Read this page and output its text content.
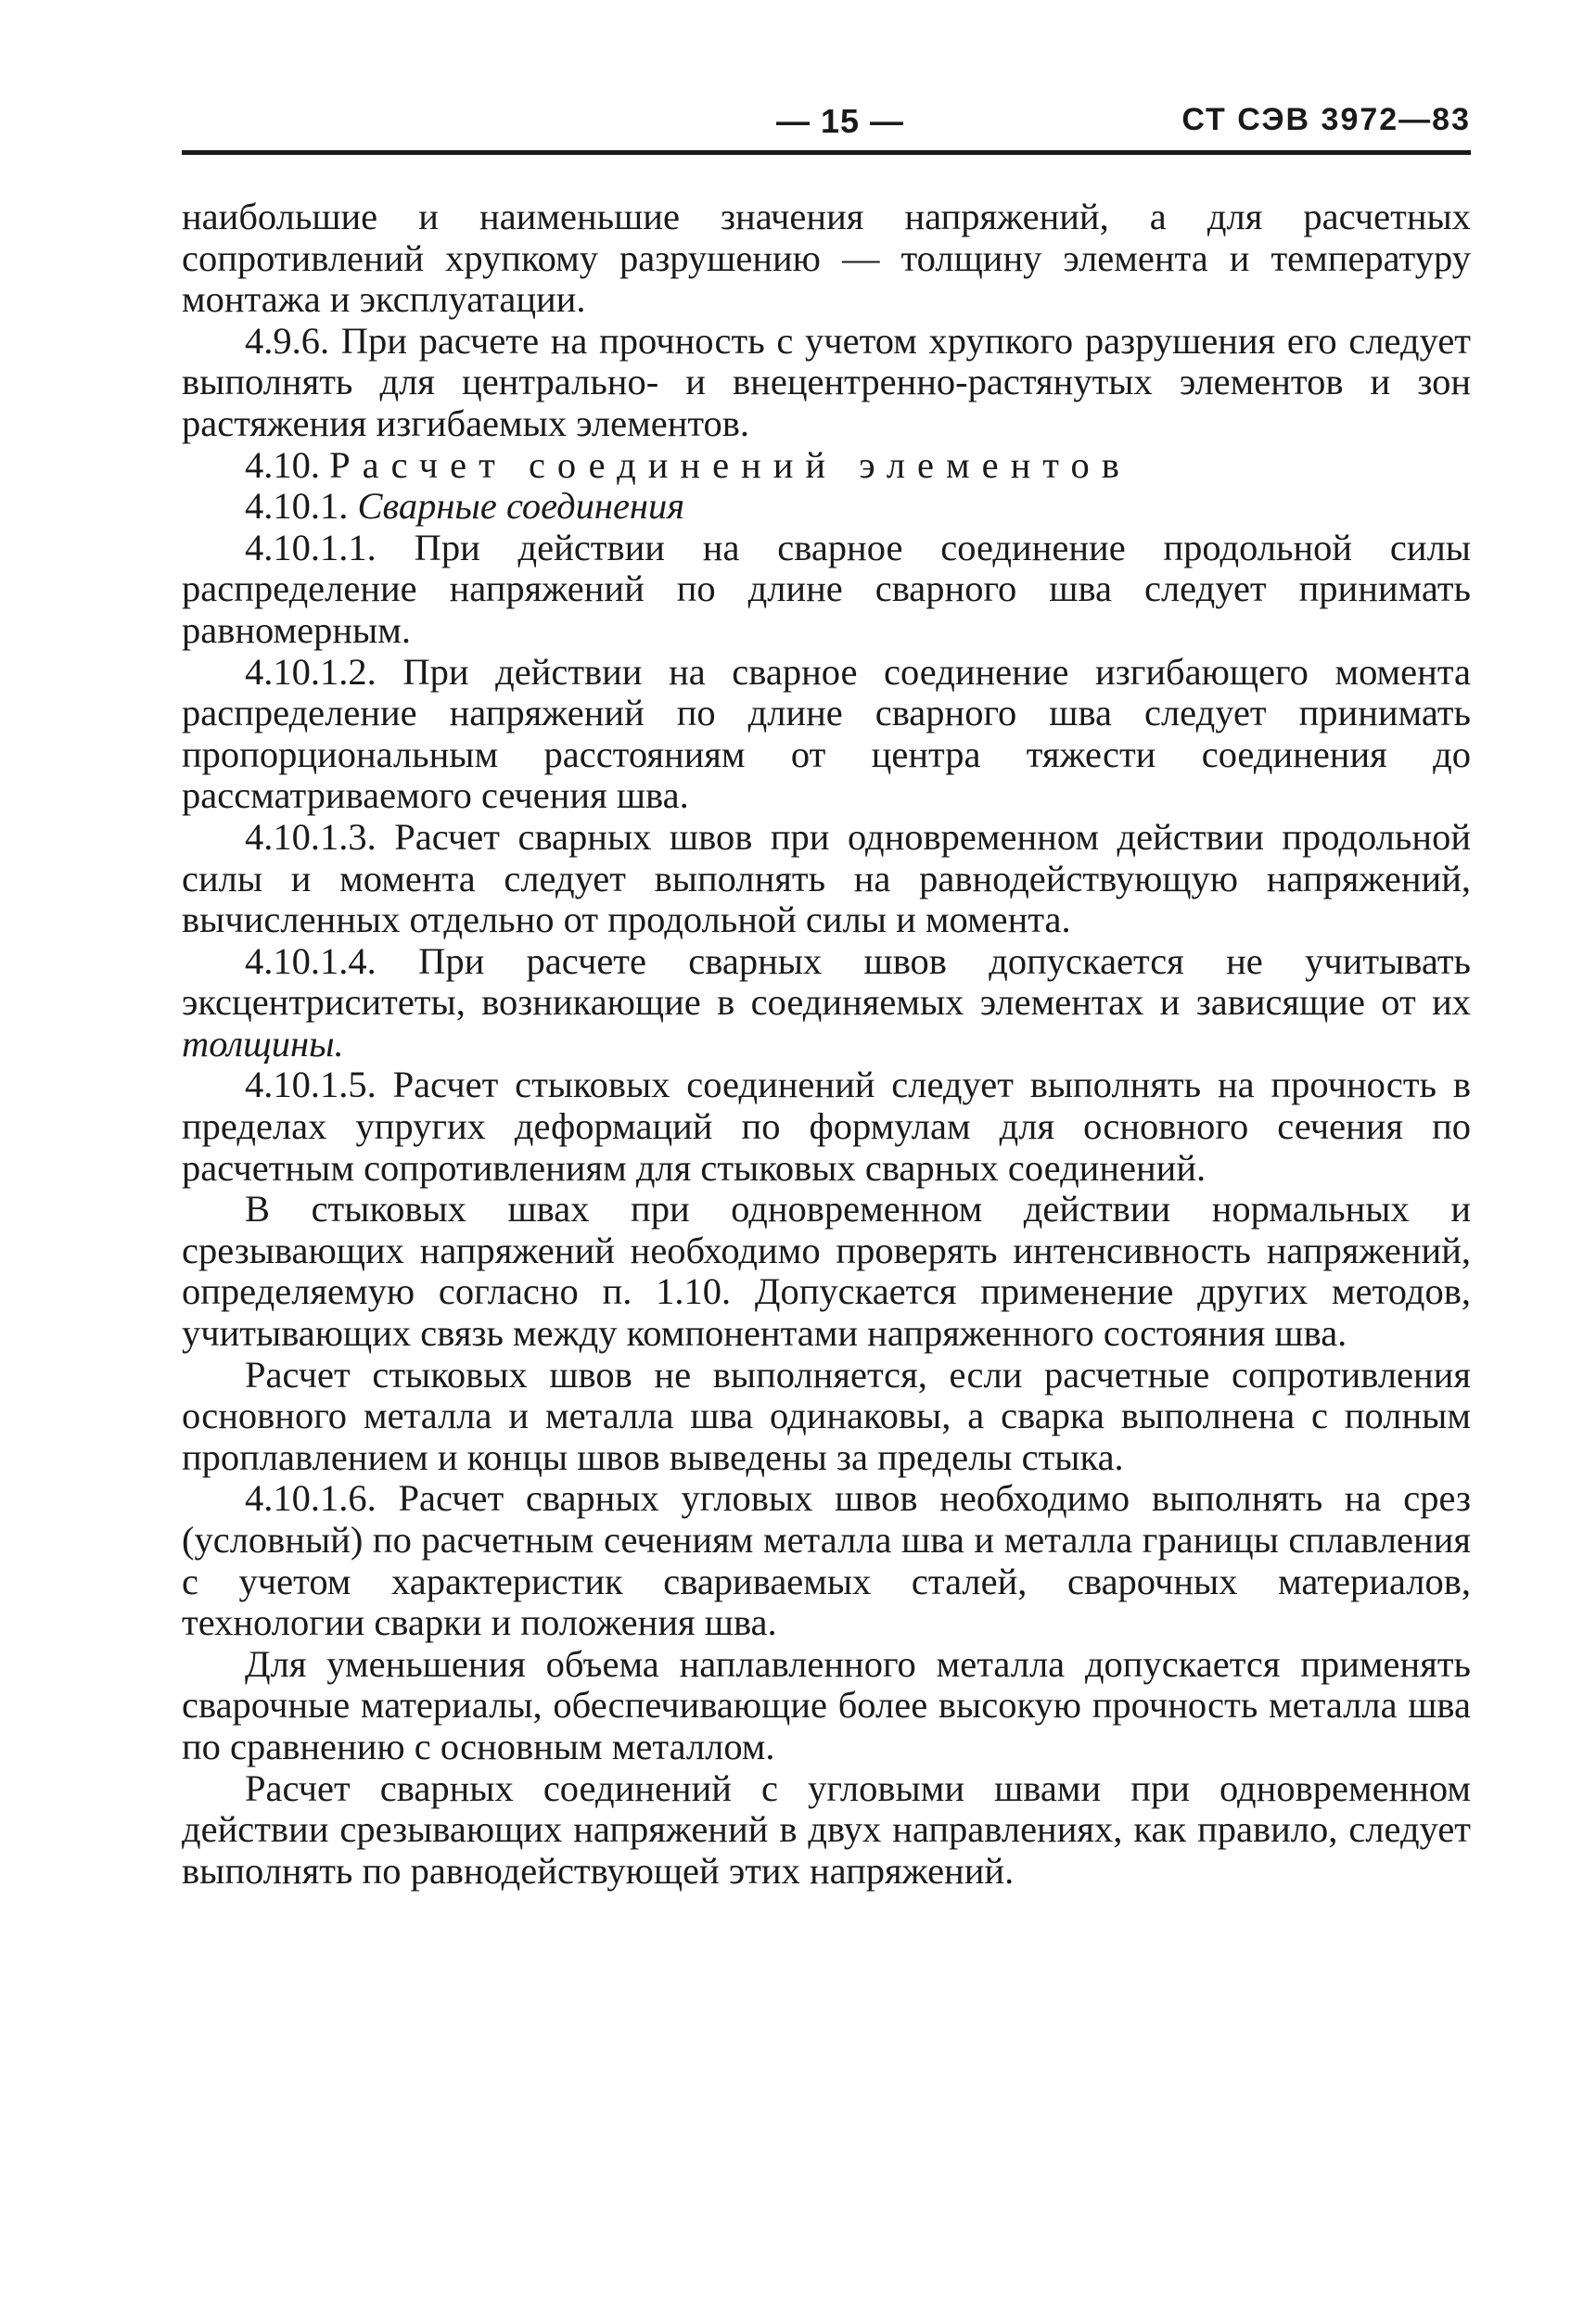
— 15 —	СТ СЭВ 3972—83

наибольшие и наименьшие значения напряжений, а для расчетных сопротивлений хрупкому разрушению — толщину элемента и температуру монтажа и эксплуатации.

4.9.6. При расчете на прочность с учетом хрупкого разрушения его следует выполнять для центрально- и внецентренно-растянутых элементов и зон растяжения изгибаемых элементов.

4.10. Расчет соединений элементов

4.10.1. Сварные соединения

4.10.1.1. При действии на сварное соединение продольной силы распределение напряжений по длине сварного шва следует принимать равномерным.

4.10.1.2. При действии на сварное соединение изгибающего момента распределение напряжений по длине сварного шва следует принимать пропорциональным расстояниям от центра тяжести соединения до рассматриваемого сечения шва.

4.10.1.3. Расчет сварных швов при одновременном действии продольной силы и момента следует выполнять на равнодействующую напряжений, вычисленных отдельно от продольной силы и момента.

4.10.1.4. При расчете сварных швов допускается не учитывать эксцентриситеты, возникающие в соединяемых элементах и зависящие от их толщины.

4.10.1.5. Расчет стыковых соединений следует выполнять на прочность в пределах упругих деформаций по формулам для основного сечения по расчетным сопротивлениям для стыковых сварных соединений.

В стыковых швах при одновременном действии нормальных и срезывающих напряжений необходимо проверять интенсивность напряжений, определяемую согласно п. 1.10. Допускается применение других методов, учитывающих связь между компонентами напряженного состояния шва.

Расчет стыковых швов не выполняется, если расчетные сопротивления основного металла и металла шва одинаковы, а сварка выполнена с полным проплавлением и концы швов выведены за пределы стыка.

4.10.1.6. Расчет сварных угловых швов необходимо выполнять на срез (условный) по расчетным сечениям металла шва и металла границы сплавления с учетом характеристик свариваемых сталей, сварочных материалов, технологии сварки и положения шва.

Для уменьшения объема наплавленного металла допускается применять сварочные материалы, обеспечивающие более высокую прочность металла шва по сравнению с основным металлом.

Расчет сварных соединений с угловыми швами при одновременном действии срезывающих напряжений в двух направлениях, как правило, следует выполнять по равнодействующей этих напряжений.
